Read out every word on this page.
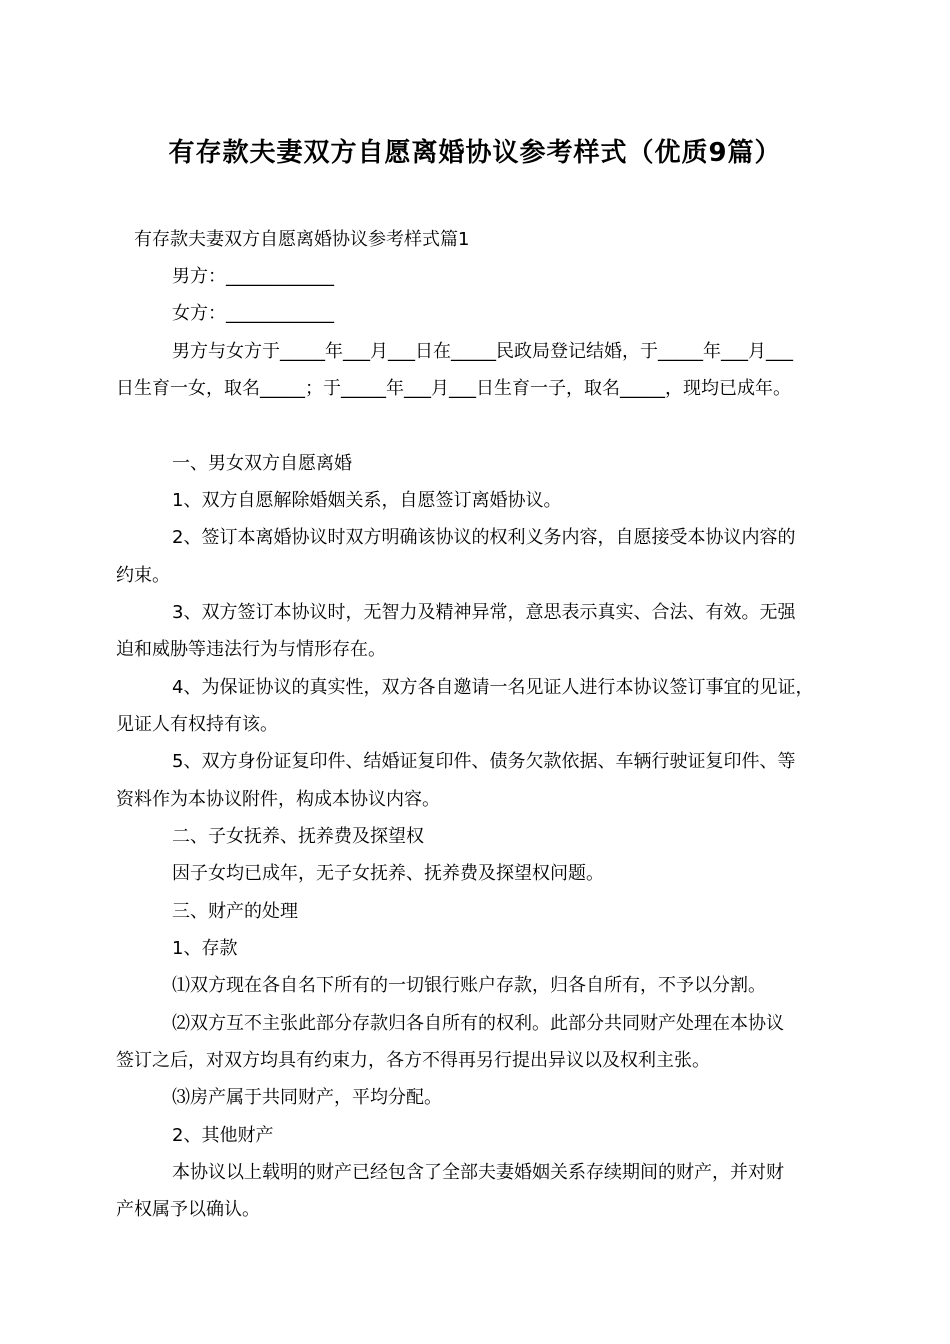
有存款夫妻双方自愿离婚协议参考样式（优质9篇）
有存款夫妻双方自愿离婚协议参考样式篇1
男方：____________
女方：____________
男方与女方于_____年___月___日在_____民政局登记结婚，于_____年___月___
日生育一女，取名_____；于_____年___月___日生育一子，取名_____，现均已成年。
一、男女双方自愿离婚
1、双方自愿解除婚姻关系，自愿签订离婚协议。
2、签订本离婚协议时双方明确该协议的权利义务内容，自愿接受本协议内容的
约束。
3、双方签订本协议时，无智力及精神异常，意思表示真实、合法、有效。无强
迫和威胁等违法行为与情形存在。
4、为保证协议的真实性，双方各自邀请一名见证人进行本协议签订事宜的见证，
见证人有权持有该。
5、双方身份证复印件、结婚证复印件、债务欠款依据、车辆行驶证复印件、等
资料作为本协议附件，构成本协议内容。
二、子女抚养、抚养费及探望权
因子女均已成年，无子女抚养、抚养费及探望权问题。
三、财产的处理
1、存款
⑴双方现在各自名下所有的一切银行账户存款，归各自所有，不予以分割。
⑵双方互不主张此部分存款归各自所有的权利。此部分共同财产处理在本协议
签订之后，对双方均具有约束力，各方不得再另行提出异议以及权利主张。
⑶房产属于共同财产，平均分配。
2、其他财产
本协议以上载明的财产已经包含了全部夫妻婚姻关系存续期间的财产，并对财
产权属予以确认。
